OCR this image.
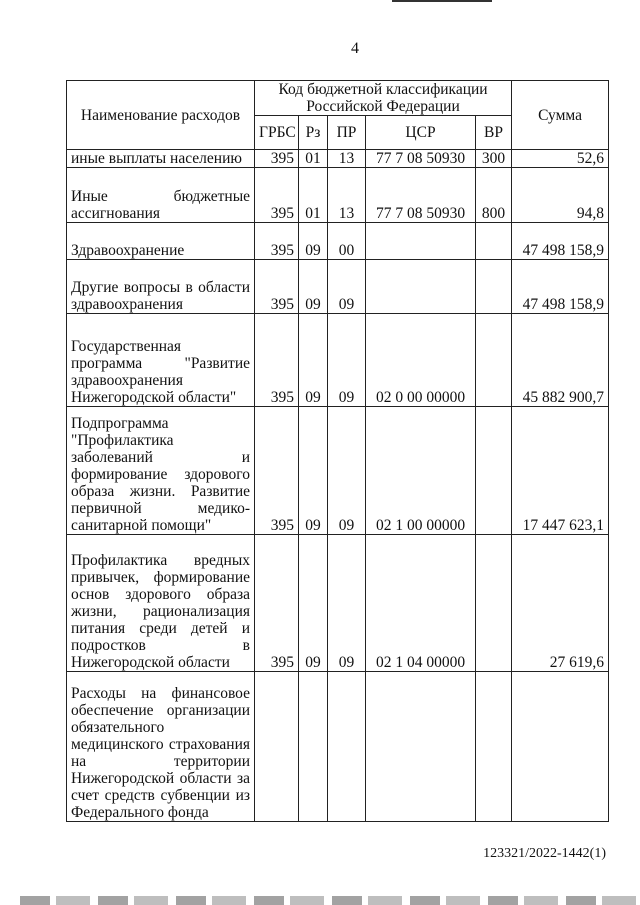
4
Наименование расходов	Код бюджетной классификации Российской Федерации					Сумма
	ГРБС	Рз	ПР	ЦСР	ВР	
иные выплаты населению	395	01	13	77 7 08 50930	300	52,6
Иные бюджетные ассигнования	395	01	13	77 7 08 50930	800	94,8
Здравоохранение	395	09	00			47 498 158,9
Другие вопросы в области здравоохранения	395	09	09			47 498 158,9
Государственная программа "Развитие здравоохранения Нижегородской области"	395	09	09	02 0 00 00000		45 882 900,7
Подпрограмма "Профилактика заболеваний и формирование здорового образа жизни. Развитие первичной медико-санитарной помощи"	395	09	09	02 1 00 00000		17 447 623,1
Профилактика вредных привычек, формирование основ здорового образа жизни, рационализация питания среди детей и подростков в Нижегородской области	395	09	09	02 1 04 00000		27 619,6
Расходы на финансовое обеспечение организации обязательного медицинского страхования на территории Нижегородской области за счет средств субвенции из Федерального фонда						
123321/2022-1442(1)
